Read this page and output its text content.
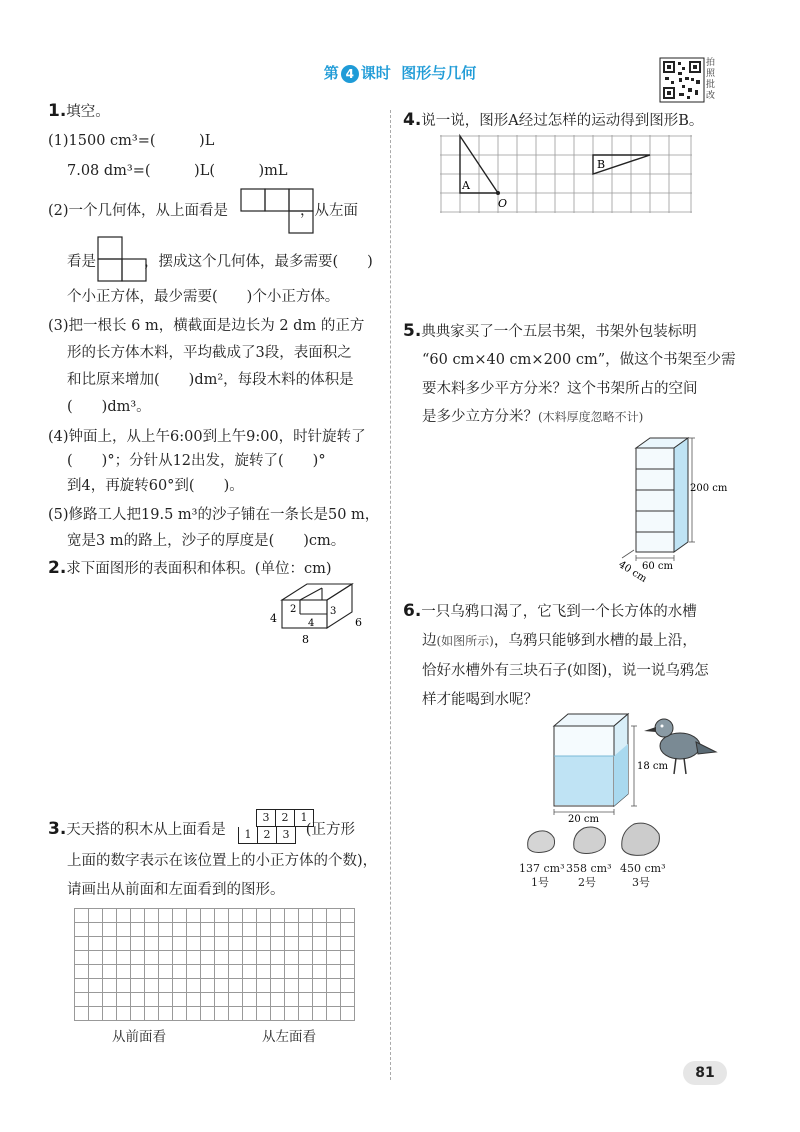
第 4 课时 图形与几何
拍照批改
1.填空。
(1)1500 cm³=(　　　)L
7.08 dm³=(　　　)L(　　　)mL
(2)一个几何体，从上面看是	，从左面
看是	，摆成这个几何体，最多需要(　　)
个小正方体，最少需要(　　)个小正方体。
(3)把一根长 6 m，横截面是边长为 2 dm 的正方
形的长方体木料，平均截成了3段，表面积之
和比原来增加(　　)dm²，每段木料的体积是
(　　)dm³。
(4)钟面上，从上午6:00到上午9:00，时针旋转了
(　　)°；分针从12出发，旋转了(　　)°
到4，再旋转60°到(　　)。
(5)修路工人把19.5 m³的沙子铺在一条长是50 m，
宽是3 m的路上，沙子的厚度是(　　)cm。
2.求下面图形的表面积和体积。(单位：cm)
4
8
6
4
2	3
3.天天搭的积木从上面看是	(正方形
3	2	1
1	2	3
上面的数字表示在该位置上的小正方体的个数)，
请画出从前面和左面看到的图形。
从前面看	从左面看
4.说一说，图形A经过怎样的运动得到图形B。
A
B
O
5.典典家买了一个五层书架，书架外包装标明
“60 cm×40 cm×200 cm”，做这个书架至少需
要木料多少平方分米？这个书架所占的空间
是多少立方分米？(木料厚度忽略不计)
200 cm
40 cm
60 cm
6.一只乌鸦口渴了，它飞到一个长方体的水槽
边(如图所示)，乌鸦只能够到水槽的最上沿，
恰好水槽外有三块石子(如图)，说一说乌鸦怎
样才能喝到水呢？
18 cm
20 cm
137 cm³ 358 cm³ 450 cm³
1号	2号	3号
81
